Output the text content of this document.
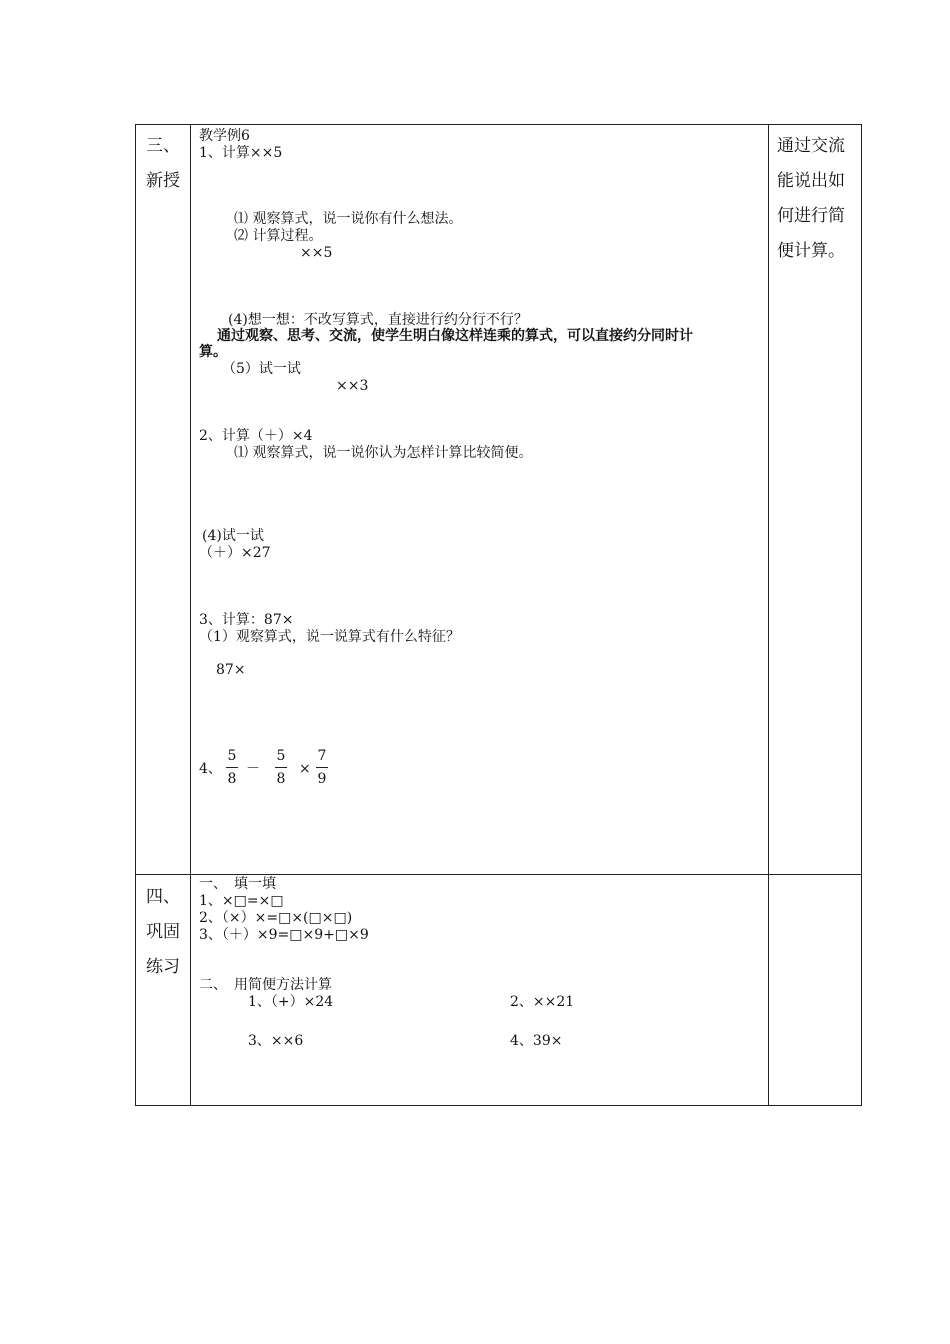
三、
新授
教学例6
1、计算××5
⑴ 观察算式，说一说你有什么想法。
⑵ 计算过程。
××5
(4)想一想：不改写算式，直接进行约分行不行？
通过观察、思考、交流，使学生明白像这样连乘的算式，可以直接约分同时计
算。
（5）试一试
××3
2、计算（＋）×4
⑴ 观察算式，说一说你认为怎样计算比较简便。
(4)试一试
（＋）×27
3、计算：87×
（1）观察算式，说一说算式有什么特征？
87×
4、
5
8
－
5
8
×
7
9
通过交流能说出如何进行简便计算。
四、
巩固
练习
一、　填一填
1、×□=×□
2、（×）×=□×(□×□)
3、（＋）×9=□×9+□×9
二、　用简便方法计算
1、（+）×24	2、××21
3、××6	4、39×
